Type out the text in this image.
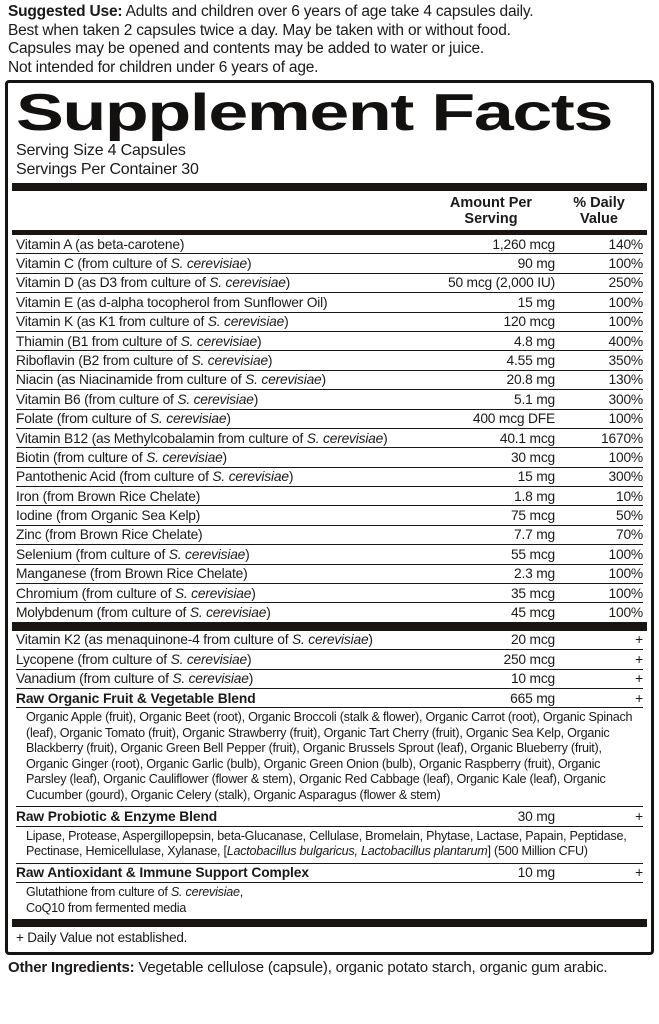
Suggested Use: Adults and children over 6 years of age take 4 capsules daily.
Best when taken 2 capsules twice a day. May be taken with or without food.
Capsules may be opened and contents may be added to water or juice.
Not intended for children under 6 years of age.

Supplement Facts
Serving Size 4 Capsules
Servings Per Container 30
Amount Per
Serving
% Daily
Value
Vitamin A (as beta-carotene)	1,260 mcg	140%
Vitamin C (from culture of S. cerevisiae)	90 mg	100%
Vitamin D (as D3 from culture of S. cerevisiae)	50 mcg (2,000 IU)	250%
Vitamin E (as d-alpha tocopherol from Sunflower Oil)	15 mg	100%
Vitamin K (as K1 from culture of S. cerevisiae)	120 mcg	100%
Thiamin (B1 from culture of S. cerevisiae)	4.8 mg	400%
Riboflavin (B2 from culture of S. cerevisiae)	4.55 mg	350%
Niacin (as Niacinamide from culture of S. cerevisiae)	20.8 mg	130%
Vitamin B6 (from culture of S. cerevisiae)	5.1 mg	300%
Folate (from culture of S. cerevisiae)	400 mcg DFE	100%
Vitamin B12 (as Methylcobalamin from culture of S. cerevisiae)	40.1 mcg	1670%
Biotin (from culture of S. cerevisiae)	30 mcg	100%
Pantothenic Acid (from culture of S. cerevisiae)	15 mg	300%
Iron (from Brown Rice Chelate)	1.8 mg	10%
Iodine (from Organic Sea Kelp)	75 mcg	50%
Zinc (from Brown Rice Chelate)	7.7 mg	70%
Selenium (from culture of S. cerevisiae)	55 mcg	100%
Manganese (from Brown Rice Chelate)	2.3 mg	100%
Chromium (from culture of S. cerevisiae)	35 mcg	100%
Molybdenum (from culture of S. cerevisiae)	45 mcg	100%
Vitamin K2 (as menaquinone-4 from culture of S. cerevisiae)	20 mcg	+
Lycopene (from culture of S. cerevisiae)	250 mcg	+
Vanadium (from culture of S. cerevisiae)	10 mcg	+
Raw Organic Fruit & Vegetable Blend	665 mg	+
Organic Apple (fruit), Organic Beet (root), Organic Broccoli (stalk & flower), Organic Carrot (root), Organic Spinach (leaf), Organic Tomato (fruit), Organic Strawberry (fruit), Organic Tart Cherry (fruit), Organic Sea Kelp, Organic Blackberry (fruit), Organic Green Bell Pepper (fruit), Organic Brussels Sprout (leaf), Organic Blueberry (fruit), Organic Ginger (root), Organic Garlic (bulb), Organic Green Onion (bulb), Organic Raspberry (fruit), Organic Parsley (leaf), Organic Cauliflower (flower & stem), Organic Red Cabbage (leaf), Organic Kale (leaf), Organic Cucumber (gourd), Organic Celery (stalk), Organic Asparagus (flower & stem)
Raw Probiotic & Enzyme Blend	30 mg	+
Lipase, Protease, Aspergillopepsin, beta-Glucanase, Cellulase, Bromelain, Phytase, Lactase, Papain, Peptidase, Pectinase, Hemicellulase, Xylanase, [Lactobacillus bulgaricus, Lactobacillus plantarum] (500 Million CFU)
Raw Antioxidant & Immune Support Complex	10 mg	+
Glutathione from culture of S. cerevisiae,
CoQ10 from fermented media
+ Daily Value not established.

Other Ingredients: Vegetable cellulose (capsule), organic potato starch, organic gum arabic.
